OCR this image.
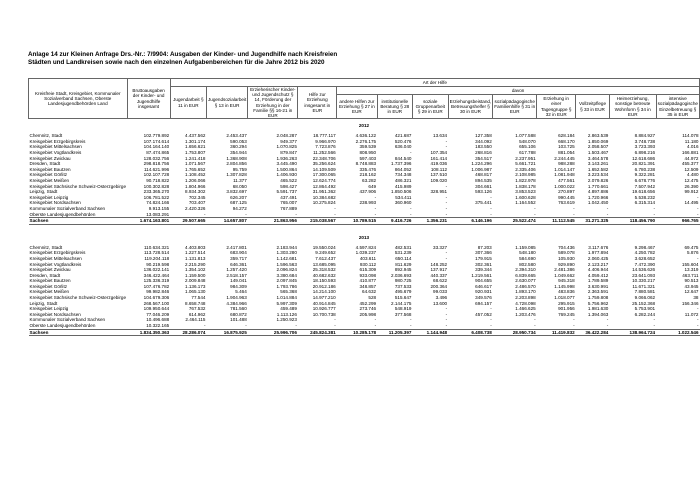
Anlage 14 zur Kleinen Anfrage Drs.-Nr.: 7/9904: Ausgaben der Kinder- und Jugendhilfe nach Kreisfreien
Städten und Landkreisen sowie nach den einzelnen Aufgabenbereichen für die Jahre 2012 bis 2020
Kreisfreie Stadt, Kreisgebiet, Kommunaler Sozialverband Sachsen, Oberste Landesjugendbehörden Land	Bruttoausgaben der Kinder- und Jugendhilfe insgesamt	Art der Hilfe												
		Jugendarbeit § 11 in EUR	Jugendsozialarbeit § 13 in EUR	Erzieherischer Kinder- und Jugendschutz § 14, Förderung der Erziehung in der Familie §§ 16-21 in EUR	Hilfe zur Erziehung insgesamt in EUR	davon								
						andere Hilfen zur Erziehung § 27 in EUR	institutionelle Beratung § 28 in EUR	soziale Gruppenarbeit § 29 in EUR	Erziehungsbeistand, Betreuungshelfer § 30 in EUR	sozialpädagogische Familienhilfe § 31 in EUR	Erziehung in einer Tagesgruppe § 32 in EUR	Vollzeitpflege § 33 in EUR	Heimerziehung, sonstige betreute Wohnform § 34 in EUR	intensive sozialpädagogische Einzelbetreuung § 35 in EUR
2012														
Chemnitz, Stadt	102.779.892	4.437.562	2.453.437	2.048.287	18.777.117	4.636.122	421.687	13.634	127.358	1.077.588	628.184	2.863.539	8.884.927	114.078
Kreisgebiet Erzgebirgskreis	107.174.614	1.301.174	590.053	949.377	9.966.970	2.276.175	520.476	-	344.092	548.070	668.170	1.850.069	3.748.738	11.180
Kreisgebiet Mittelsachsen	104.164.140	1.656.621	360.294	1.070.825	7.723.876	359.539	636.040	-	183.550	655.106	103.725	2.058.507	3.723.393	4.016
Kreisgebiet Vogtlandkreis	87.474.865	1.753.807	354.944	879.847	11.252.566	808.950	-	107.354	268.816	617.788	881.054	1.503.467	6.898.216	166.881
Kreisgebiet Zwickau	128.032.756	1.241.418	1.368.908	1.936.263	22.348.706	597.403	844.540	161.414	354.517	2.237.951	2.244.445	3.464.578	12.618.686	44.972
Dresden, Stadt	298.818.756	1.071.567	2.804.856	3.445.490	35.256.624	8.748.883	1.737.396	419.036	1.224.296	5.661.721	988.288	3.143.261	20.821.391	455.377
Kreisgebiet Bautzen	114.621.996	1.765.652	95.759	1.500.864	14.109.509	335.476	864.052	108.112	1.006.987	2.335.406	1.014.147	1.652.582	6.780.238	12.509
Kreisgebiet Görlitz	102.107.728	1.108.452	1.307.828	1.406.930	17.300.065	218.162	734.348	137.510	468.817	2.108.985	1.081.948	3.223.534	9.322.281	4.480
Kreisgebiet Meißen	90.718.822	1.206.066	11.377	465.522	12.624.774	63.282	486.321	109.020	894.535	1.822.978	477.561	2.079.826	6.678.776	12.475
Kreisgebiet Sächsische Schweiz-Osterzgebirge	100.302.828	1.804.966	68.050	598.427	12.864.492	649	415.989	-	304.661	1.838.178	1.000.022	1.770.661	7.507.942	26.390
Leipzig, Stadt	233.365.270	8.934.302	3.832.697	5.591.737	31.951.362	437.906	1.850.506	328.951	593.126	3.853.523	270.897	4.897.886	19.618.656	99.912
Kreisgebiet Leipzig	106.781.522	702.345	626.207	437.491	10.384.682	-	534.411	-	-	1.600.628	990.445	1.720.966	5.538.232	-
Kreisgebiet Nordsachsen	74.824.166	703.407	687.125	765.007	10.275.824	238.993	360.960	-	375.441	1.164.552	763.619	1.042.450	6.315.314	14.495
Kommunaler Sozialverband Sachsen	9.913.155	2.420.326	94.272	767.889	-	-	-	-	-	-	-	-	-	-
Oberste Landesjugendbehörden	13.083.291	-	-	-	-	-	-	-	-	-	-	-	-	-
Sachsen	1.674.163.801	29.507.665	14.657.807	21.863.956	215.038.567	10.789.515	9.416.726	1.356.231	6.146.196	25.522.474	11.112.545	31.271.325	118.456.790	966.765

2013														
Chemnitz, Stadt	110.634.321	4.403.803	2.417.801	2.183.944	19.550.024	4.597.824	482.531	33.327	87.203	1.159.085	704.436	3.117.676	9.298.467	69.475
Kreisgebiet Erzgebirgskreis	113.728.514	1.227.514	683.904	1.303.280	9.249.652	1.039.237	531.239	-	307.366	548.180	589.078	1.977.894	4.250.782	5.876
Kreisgebiet Mittelsachsen	119.204.118	1.131.813	359.717	1.142.681	7.612.437	403.611	650.114	-	179.915	584.690	105.930	2.060.425	3.628.652	-
Kreisgebiet Vogtlandkreis	90.219.598	2.215.290	646.361	1.596.563	13.685.095	930.112	811.629	148.252	302.361	802.580	929.890	2.123.217	7.472.390	155.604
Kreisgebiet Zwickau	136.022.141	1.354.102	1.257.420	2.096.824	25.318.532	615.309	892.945	137.917	339.344	2.394.310	2.481.386	4.406.944	14.536.626	13.319
Dresden, Stadt	346.422.464	1.159.500	2.518.157	3.380.684	40.682.632	933.098	2.036.693	440.337	1.219.561	6.839.665	1.049.662	4.059.412	23.641.093	463.711
Kreisgebiet Bautzen	125.336.319	2.009.848	149.041	2.097.845	18.150.593	410.877	980.725	68.622	904.655	2.630.077	945.318	1.789.589	10.330.217	90.513
Kreisgebiet Görlitz	107.476.782	1.136.173	984.309	1.793.786	20.912.186	348.857	737.533	200.364	646.617	2.486.570	1.145.998	3.630.991	11.671.321	43.945
Kreisgebiet Meißen	99.982.846	1.065.130	5.464	565.368	14.214.100	64.632	495.679	99.033	920.931	1.893.170	483.836	2.363.591	7.880.581	12.647
Kreisgebiet Sächsische Schweiz-Osterzgebirge	104.679.306	77.544	1.904.963	1.014.884	14.977.210	528	515.647	3.496	349.576	2.203.898	1.018.077	1.759.808	9.066.062	38
Leipzig, Stadt	268.567.100	8.658.748	4.384.966	5.997.309	40.914.845	452.299	2.144.175	13.600	694.157	4.728.098	295.915	5.756.962	25.152.368	156.346
Kreisgebiet Leipzig	109.950.644	767.532	781.560	459.489	10.926.777	273.746	548.919	-	-	1.466.625	901.956	1.981.630	5.753.901	-
Kreisgebiet Nordsachsen	77.046.209	614.962	680.872	1.113.126	10.700.738	205.998	377.568	-	457.052	1.203.476	769.245	1.394.063	6.282.244	11.072
Kommunaler Sozialverband Sachsen	10.496.688	2.464.115	101.488	1.250.923	-	-	-	-	-	-	-	-	-	-
Oberste Landesjugendbehörden	10.322.165	-	-	-	-	-	-	-	-	-	-	-	-	-
Sachsen	1.834.350.363	28.286.074	16.875.925	25.996.706	245.824.381	10.285.178	11.205.397	1.144.948	6.408.738	28.950.734	11.419.832	36.422.284	138.964.724	1.022.546
